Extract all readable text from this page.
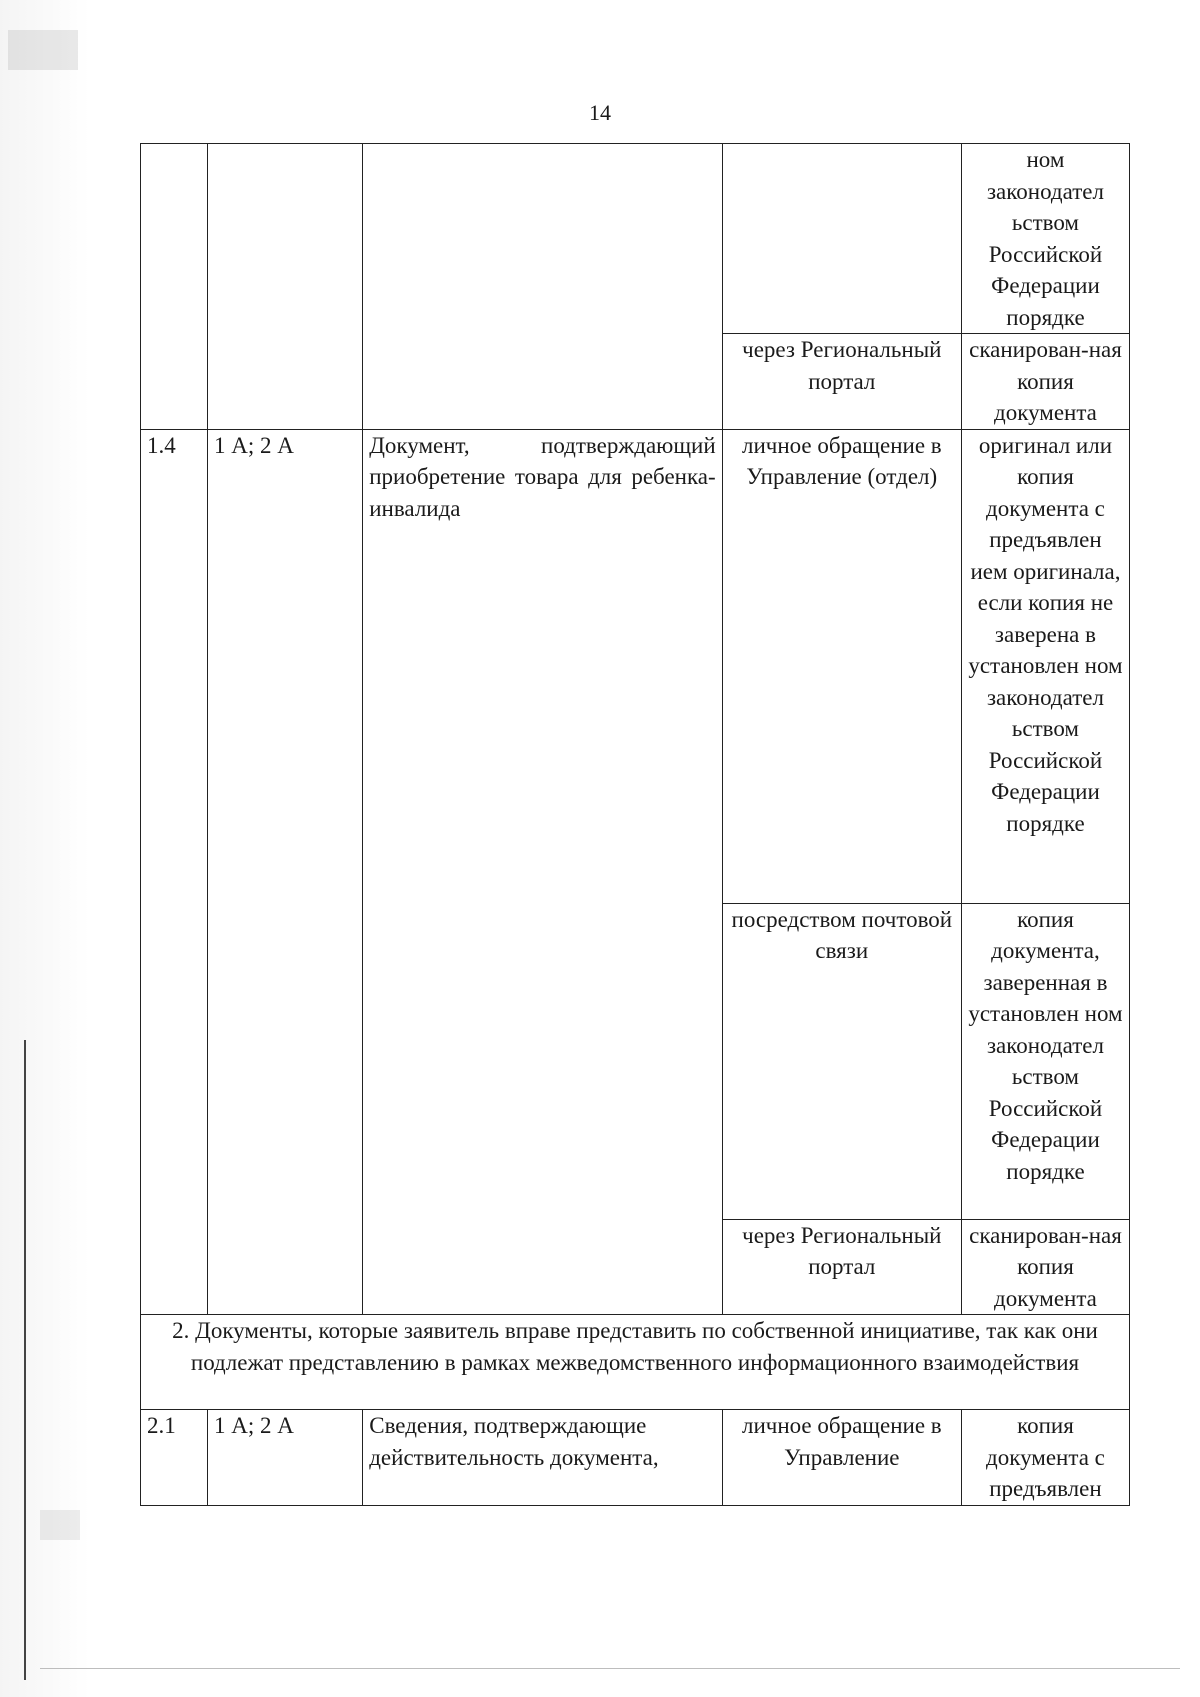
14
				ном законодател ьством Российской Федерации порядке
			через Региональный портал	сканирован-ная копия документа
1.4	1 А; 2 А	Документ, подтверждающий приобретение товара для ребенка-инвалида	личное обращение в Управление (отдел)	оригинал или копия документа с предъявлен ием оригинала, если копия не заверена в установлен ном законодател ьством Российской Федерации порядке
			посредством почтовой связи	копия документа, заверенная в установлен ном законодател ьством Российской Федерации порядке
			через Региональный портал	сканирован-ная копия документа
2. Документы, которые заявитель вправе представить по собственной инициативе, так как они подлежат представлению в рамках межведомственного информационного взаимодействия				
2.1	1 А; 2 А	Сведения, подтверждающие действительность документа,	личное обращение в Управление	копия документа с предъявлен
